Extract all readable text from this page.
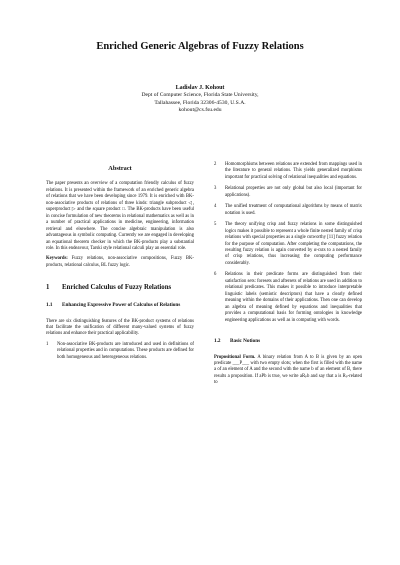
Enriched Generic Algebras of Fuzzy Relations
Ladislav J. Kohout
Dept of Computer Science, Florida State University,
Tallahassee, Florida 32306-4530, U.S.A.
kohout@cs.fsu.edu
Abstract

The paper presents an overview of a computation friendly calculus of fuzzy relations. It is presented within the framework of an enriched generic algebra of relations that we have been developing since 1979. It is enriched with BK-non-associative products of relations of three kinds: triangle subproduct ◁, superproduct ▷ and the square product □. The BK-products have been useful in concise formulation of new theorems in relational mathematics as well as in a number of practical applications in medicine, engineering, information retrieval and elsewhere. The concise algebraic manipulation is also advantageous in symbolic computing. Currently we are engaged in developing an equational theorem checker in which the BK-products play a substantial role. In this endeavour, Tarski style relational calculi play an essential role.

Keywords: Fuzzy relations, non-associative compositions, Fuzzy BK-products, relational calculus, BL fuzzy logic.

1	Enriched Calculus of Fuzzy Relations
1.1	Enhancing Expressive Power of Calculus of Relations

There are six distinguishing features of the BK-product systems of relations that facilitate the unification of different many-valued systems of fuzzy relations and enhance their practical applicability.

1	Non-associative BK-products are introduced and used in definitions of relational properties and in computations. These products are defined for both homogeneous and heterogeneous relations.
2	Homomorphisms between relations are extended from mappings used in the literature to general relations. This yields generalized morphisms important for practical solving of relational inequalities and equations.
3	Relational properties are not only global but also local (important for applications).
4	The unified treatment of computational algorithms by means of matrix notation is used.
5	The theory unifying crisp and fuzzy relations in some distinguished logics makes it possible to represent a whole finite nested family of crisp relations with special properties as a single cutworthy [11] fuzzy relation for the purpose of computation. After completing the computations, the resulting fuzzy relation is again converted by α-cuts to a nested family of crisp relations, thus increasing the computing performance considerably.
6	Relations in their predicate forms are distinguished from their satisfaction sets: foresets and aftersets of relations are used in addition to relational predicates. This makes it possible to introduce interpretable linguistic labels (semiotic descriptors) that have a clearly defined meaning within the domains of their applications. Then one can develop an algebra of meaning defined by equations and inequalities that provides a computational basis for forming ontologies in knowledge engineering applications as well as in computing with words.
1.2	Basic Notions

Propositional Form. A binary relation from A to B is given by an open predicate ___P___ with two empty slots; when the first is filled with the name a of an element of A and the second with the name b of an element of B, there results a proposition. If aPb is true, we write aRₚb and say that a is Rₚ-related to
